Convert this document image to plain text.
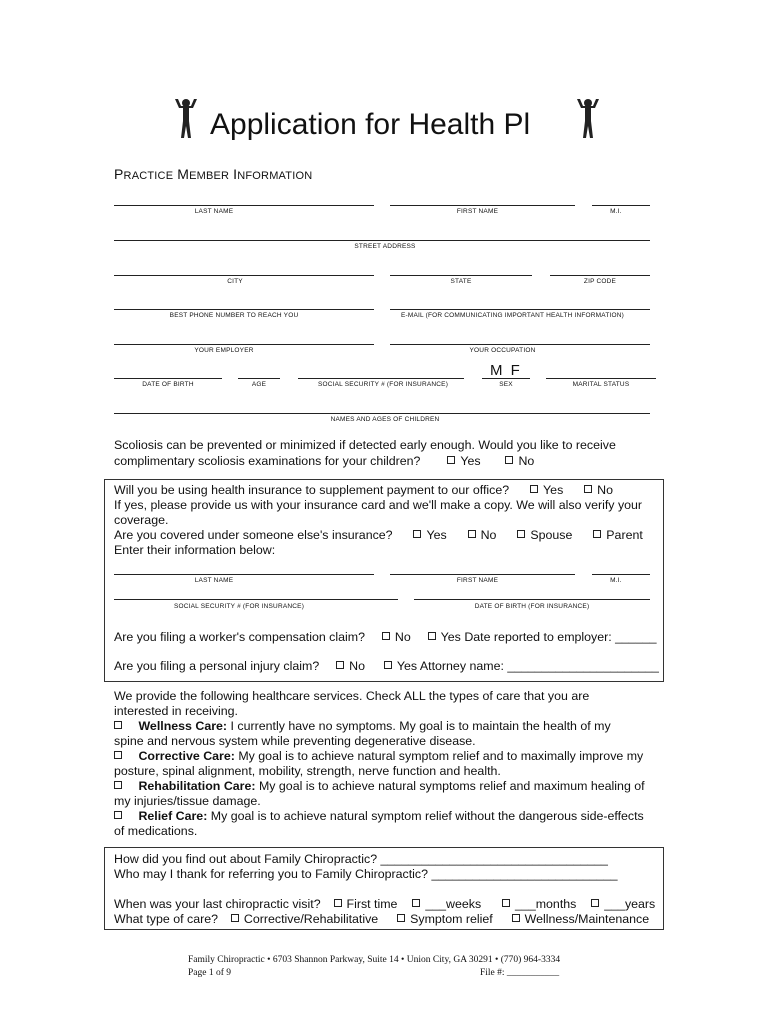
Application for Health Pl
PRACTICE MEMBER INFORMATION
LAST NAME	FIRST NAME	M.I.
STREET ADDRESS
CITY	STATE	ZIP CODE
BEST PHONE NUMBER TO REACH YOU	E-MAIL (FOR COMMUNICATING IMPORTANT HEALTH INFORMATION)
YOUR EMPLOYER	YOUR OCCUPATION
M F
DATE OF BIRTH	AGE	SOCIAL SECURITY # (FOR INSURANCE)	SEX	MARITAL STATUS
NAMES AND AGES OF CHILDREN
Scoliosis can be prevented or minimized if detected early enough. Would you like to receive
complimentary scoliosis examinations for your children?	Yes	No
Will you be using health insurance to supplement payment to our office?	Yes	No
If yes, please provide us with your insurance card and we'll make a copy. We will also verify your
coverage.
Are you covered under someone else's insurance?	Yes	No	Spouse	Parent
Enter their information below:
LAST NAME	FIRST NAME	M.I.
SOCIAL SECURITY # (FOR INSURANCE)	DATE OF BIRTH (FOR INSURANCE)
Are you filing a worker's compensation claim? No Yes Date reported to employer: ______
Are you filing a personal injury claim? No	Yes Attorney name: ______________________
We provide the following healthcare services. Check ALL the types of care that you are
interested in receiving.
Wellness Care: I currently have no symptoms. My goal is to maintain the health of my
spine and nervous system while preventing degenerative disease.
Corrective Care: My goal is to achieve natural symptom relief and to maximally improve my
posture, spinal alignment, mobility, strength, nerve function and health.
Rehabilitation Care: My goal is to achieve natural symptoms relief and maximum healing of
my injuries/tissue damage.
Relief Care: My goal is to achieve natural symptom relief without the dangerous side-effects
of medications.
How did you find out about Family Chiropractic? _________________________________
Who may I thank for referring you to Family Chiropractic? ___________________________
When was your last chiropractic visit? First time ___weeks	___months ___years
What type of care? Corrective/Rehabilitative	Symptom relief	Wellness/Maintenance
Family Chiropractic • 6703 Shannon Parkway, Suite 14 • Union City, GA 30291 • (770) 964-3334
Page 1 of 9	File #: ___________
